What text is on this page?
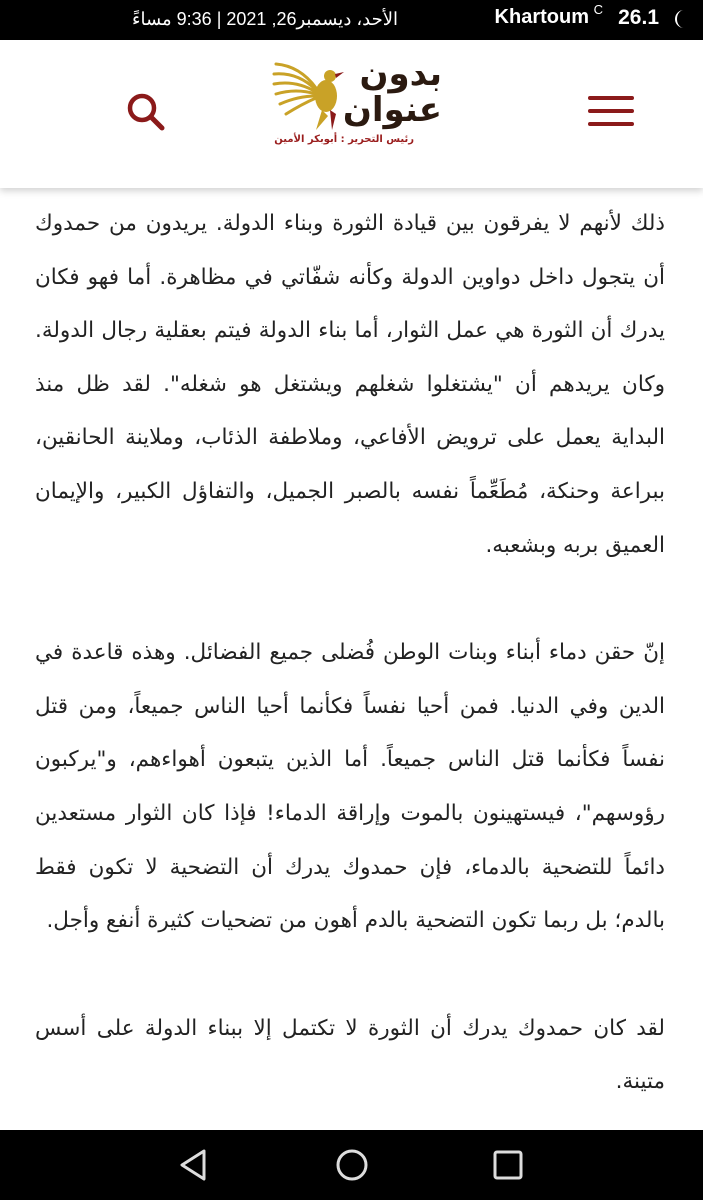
26.1
C
Khartoum
الأحد، ديسمبر26, 2021 | 9:36 مساءً
بدون
عنوان
رئيس التحرير : أبوبكر الأمين

ذلك لأنهم لا يفرقون بين قيادة الثورة وبناء الدولة. يريدون من حمدوك أن يتجول داخل دواوين الدولة وكأنه شفّاتي في مظاهرة. أما فهو فكان يدرك أن الثورة هي عمل الثوار، أما بناء الدولة فيتم بعقلية رجال الدولة. وكان يريدهم أن "يشتغلوا شغلهم ويشتغل هو شغله". لقد ظل منذ البداية يعمل على ترويض الأفاعي، وملاطفة الذئاب، وملاينة الحانقين، ببراعة وحنكة، مُطَعِّماً نفسه بالصبر الجميل، والتفاؤل الكبير، والإيمان العميق بربه وبشعبه.

إنّ حقن دماء أبناء وبنات الوطن فُضلى جميع الفضائل. وهذه قاعدة في الدين وفي الدنيا. فمن أحيا نفساً فكأنما أحيا الناس جميعاً، ومن قتل نفساً فكأنما قتل الناس جميعاً. أما الذين يتبعون أهواءهم، و"يركبون رؤوسهم"، فيستهينون بالموت وإراقة الدماء! فإذا كان الثوار مستعدين دائماً للتضحية بالدماء، فإن حمدوك يدرك أن التضحية لا تكون فقط بالدم؛ بل ربما تكون التضحية بالدم أهون من تضحيات كثيرة أنفع وأجل.

لقد كان حمدوك يدرك أن الثورة لا تكتمل إلا ببناء الدولة على أسس متينة.
